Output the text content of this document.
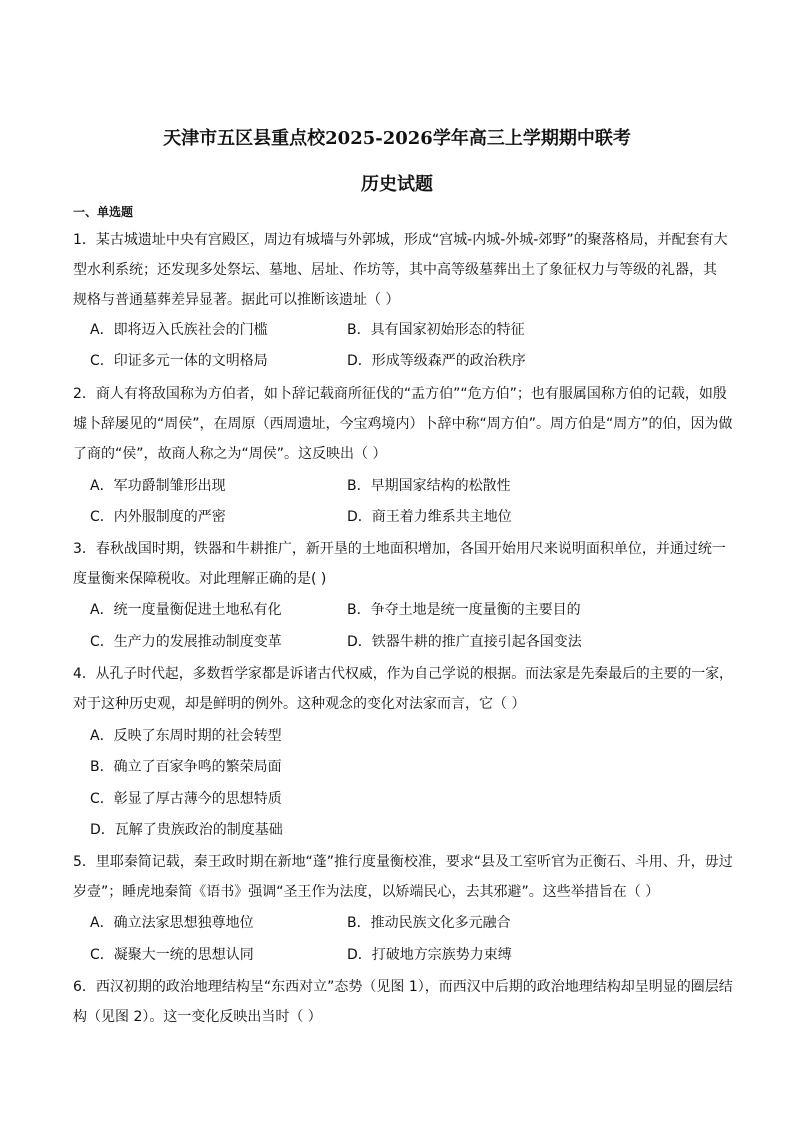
天津市五区县重点校2025-2026学年高三上学期期中联考
历史试题
一、单选题
1．某古城遗址中央有宫殿区，周边有城墙与外郭城，形成“宫城-内城-外城-郊野”的聚落格局，并配套有大
型水利系统；还发现多处祭坛、墓地、居址、作坊等，其中高等级墓葬出土了象征权力与等级的礼器，其
规格与普通墓葬差异显著。据此可以推断该遗址（ ）
A．即将迈入氏族社会的门槛	B．具有国家初始形态的特征
C．印证多元一体的文明格局	D．形成等级森严的政治秩序
2．商人有将敌国称为方伯者，如卜辞记载商所征伐的“盂方伯”“危方伯”；也有服属国称方伯的记载，如殷
墟卜辞屡见的“周侯”，在周原（西周遗址，今宝鸡境内）卜辞中称“周方伯”。周方伯是“周方”的伯，因为做
了商的“侯”，故商人称之为“周侯”。这反映出（ ）
A．军功爵制雏形出现	B．早期国家结构的松散性
C．内外服制度的严密	D．商王着力维系共主地位
3．春秋战国时期，铁器和牛耕推广，新开垦的土地面积增加，各国开始用尺来说明面积单位，并通过统一
度量衡来保障税收。对此理解正确的是( )
A．统一度量衡促进土地私有化	B．争夺土地是统一度量衡的主要目的
C．生产力的发展推动制度变革	D．铁器牛耕的推广直接引起各国变法
4．从孔子时代起，多数哲学家都是诉诸古代权威，作为自己学说的根据。而法家是先秦最后的主要的一家，
对于这种历史观，却是鲜明的例外。这种观念的变化对法家而言，它（ ）
A．反映了东周时期的社会转型
B．确立了百家争鸣的繁荣局面
C．彰显了厚古薄今的思想特质
D．瓦解了贵族政治的制度基础
5．里耶秦简记载，秦王政时期在新地“蓬”推行度量衡校准，要求“县及工室听官为正衡石、斗用、升，毋过
岁壹”；睡虎地秦简《语书》强调“圣王作为法度，以矫端民心，去其邪避”。这些举措旨在（ ）
A．确立法家思想独尊地位	B．推动民族文化多元融合
C．凝聚大一统的思想认同	D．打破地方宗族势力束缚
6．西汉初期的政治地理结构呈“东西对立”态势（见图 1），而西汉中后期的政治地理结构却呈明显的圈层结
构（见图 2）。这一变化反映出当时（ ）
